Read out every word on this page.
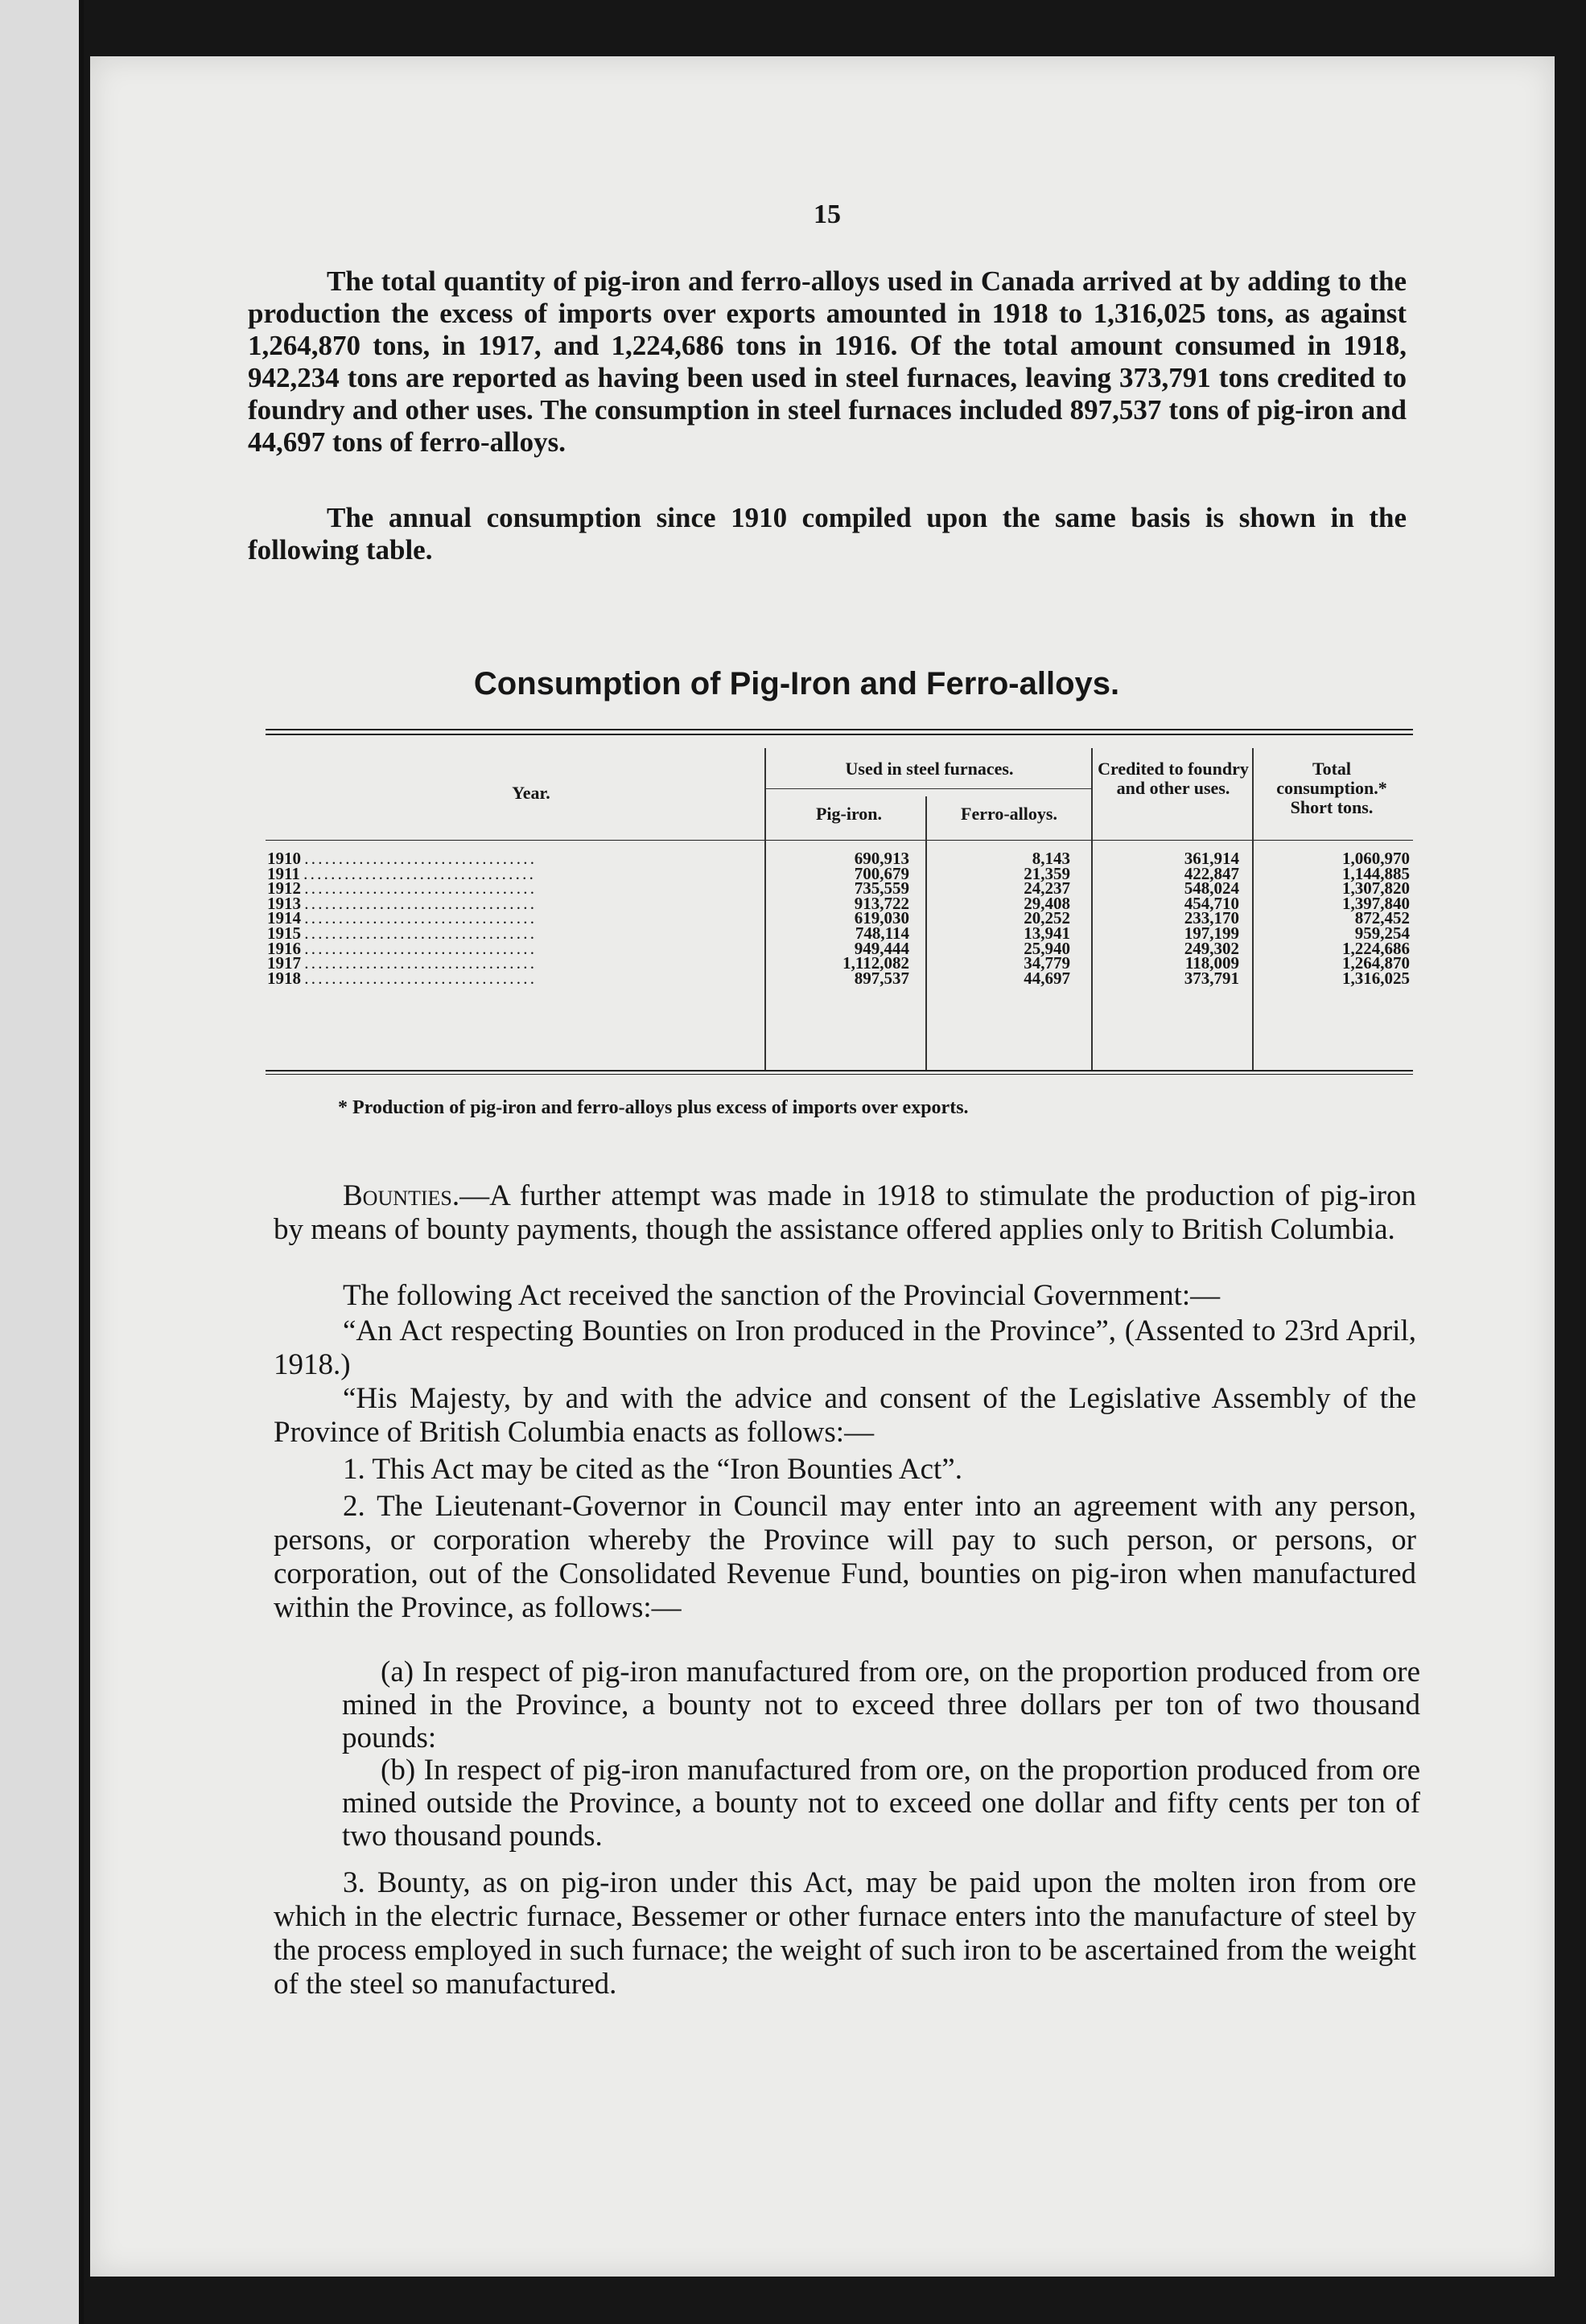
15

The total quantity of pig-iron and ferro-alloys used in Canada arrived at by adding to the production the excess of imports over exports amounted in 1918 to 1,316,025 tons, as against 1,264,870 tons, in 1917, and 1,224,686 tons in 1916. Of the total amount consumed in 1918, 942,234 tons are reported as having been used in steel furnaces, leaving 373,791 tons credited to foundry and other uses. The consumption in steel furnaces included 897,537 tons of pig-iron and 44,697 tons of ferro-alloys.

The annual consumption since 1910 compiled upon the same basis is shown in the following table.

Consumption of Pig-Iron and Ferro-alloys.
Year.
Used in steel furnaces.
Pig-iron.	Ferro-alloys.
Credited to foundry and other uses.
Total consumption.* Short tons.
1910 . . .
1911 . . .
1912 . . .
1913 . . .
1914 . . .
1915 . . .
1916 . . .
1917 . . .
1918 . . .
690,913
700,679
735,559
913,722
619,030
748,114
949,444
1,112,082
897,537
8,143
21,359
24,237
29,408
20,252
13,941
25,940
34,779
44,697
361,914
422,847
548,024
454,710
233,170
197,199
249,302
118,009
373,791
1,060,970
1,144,885
1,307,820
1,397,840
872,452
959,254
1,224,686
1,264,870
1,316,025
* Production of pig-iron and ferro-alloys plus excess of imports over exports.

Bounties.—A further attempt was made in 1918 to stimulate the production of pig-iron by means of bounty payments, though the assistance offered applies only to British Columbia.

The following Act received the sanction of the Provincial Government:—

“An Act respecting Bounties on Iron produced in the Province”, (Assented to 23rd April, 1918.)

“His Majesty, by and with the advice and consent of the Legislative Assembly of the Province of British Columbia enacts as follows:—

1. This Act may be cited as the “Iron Bounties Act”.

2. The Lieutenant-Governor in Council may enter into an agreement with any person, persons, or corporation whereby the Province will pay to such person, or persons, or corporation, out of the Consolidated Revenue Fund, bounties on pig-iron when manufactured within the Province, as follows:—

(a) In respect of pig-iron manufactured from ore, on the proportion produced from ore mined in the Province, a bounty not to exceed three dollars per ton of two thousand pounds:

(b) In respect of pig-iron manufactured from ore, on the proportion produced from ore mined outside the Province, a bounty not to exceed one dollar and fifty cents per ton of two thousand pounds.

3. Bounty, as on pig-iron under this Act, may be paid upon the molten iron from ore which in the electric furnace, Bessemer or other furnace enters into the manufacture of steel by the process employed in such furnace; the weight of such iron to be ascertained from the weight of the steel so manufactured.
